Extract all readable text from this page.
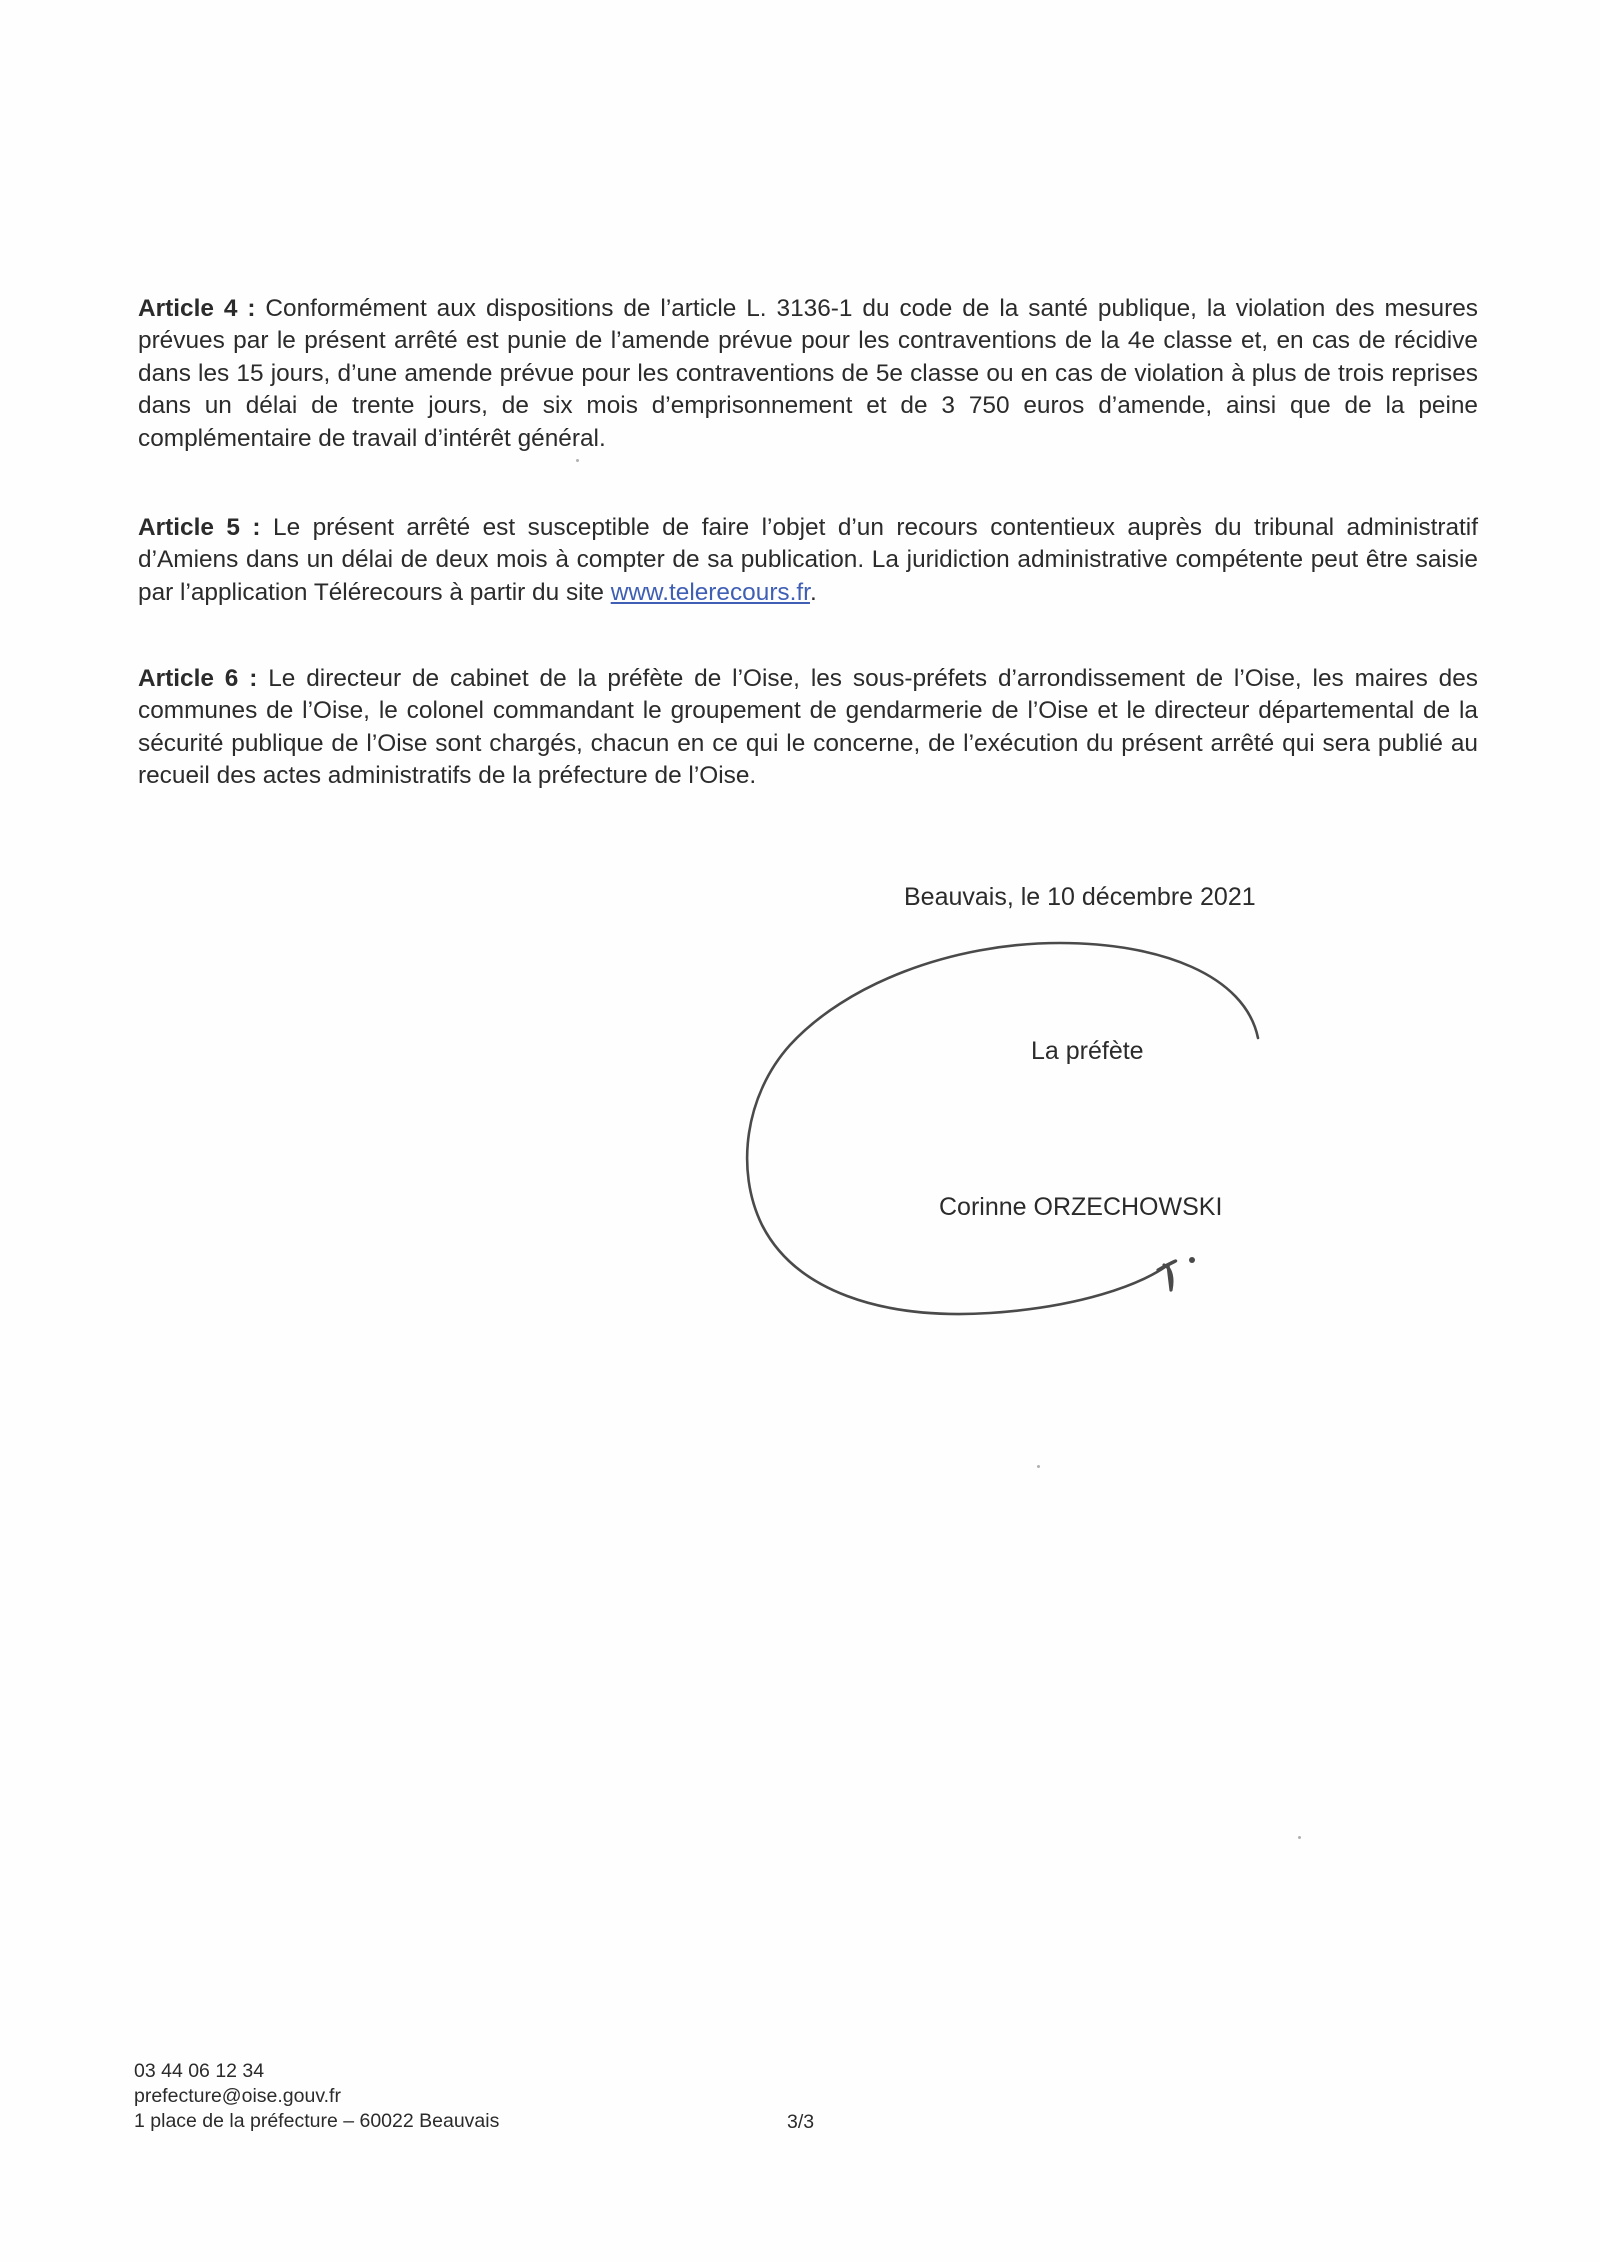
Article 4 : Conformément aux dispositions de l’article L. 3136-1 du code de la santé publique, la violation des mesures prévues par le présent arrêté est punie de l’amende prévue pour les contraventions de la 4e classe et, en cas de récidive dans les 15 jours, d’une amende prévue pour les contraventions de 5e classe ou en cas de violation à plus de trois reprises dans un délai de trente jours, de six mois d’emprisonnement et de 3 750 euros d’amende, ainsi que de la peine complémentaire de travail d’intérêt général.

Article 5 : Le présent arrêté est susceptible de faire l’objet d’un recours contentieux auprès du tribunal administratif d’Amiens dans un délai de deux mois à compter de sa publication. La juridiction administrative compétente peut être saisie par l’application Télérecours à partir du site www.telerecours.fr.

Article 6 : Le directeur de cabinet de la préfète de l’Oise, les sous-préfets d’arrondissement de l’Oise, les maires des communes de l’Oise, le colonel commandant le groupement de gendarmerie de l’Oise et le directeur départemental de la sécurité publique de l’Oise sont chargés, chacun en ce qui le concerne, de l’exécution du présent arrêté qui sera publié au recueil des actes administratifs de la préfecture de l’Oise.

Beauvais, le 10 décembre 2021
La préfète
Corinne ORZECHOWSKI
03 44 06 12 34
prefecture@oise.gouv.fr
1 place de la préfecture – 60022 Beauvais	3/3
